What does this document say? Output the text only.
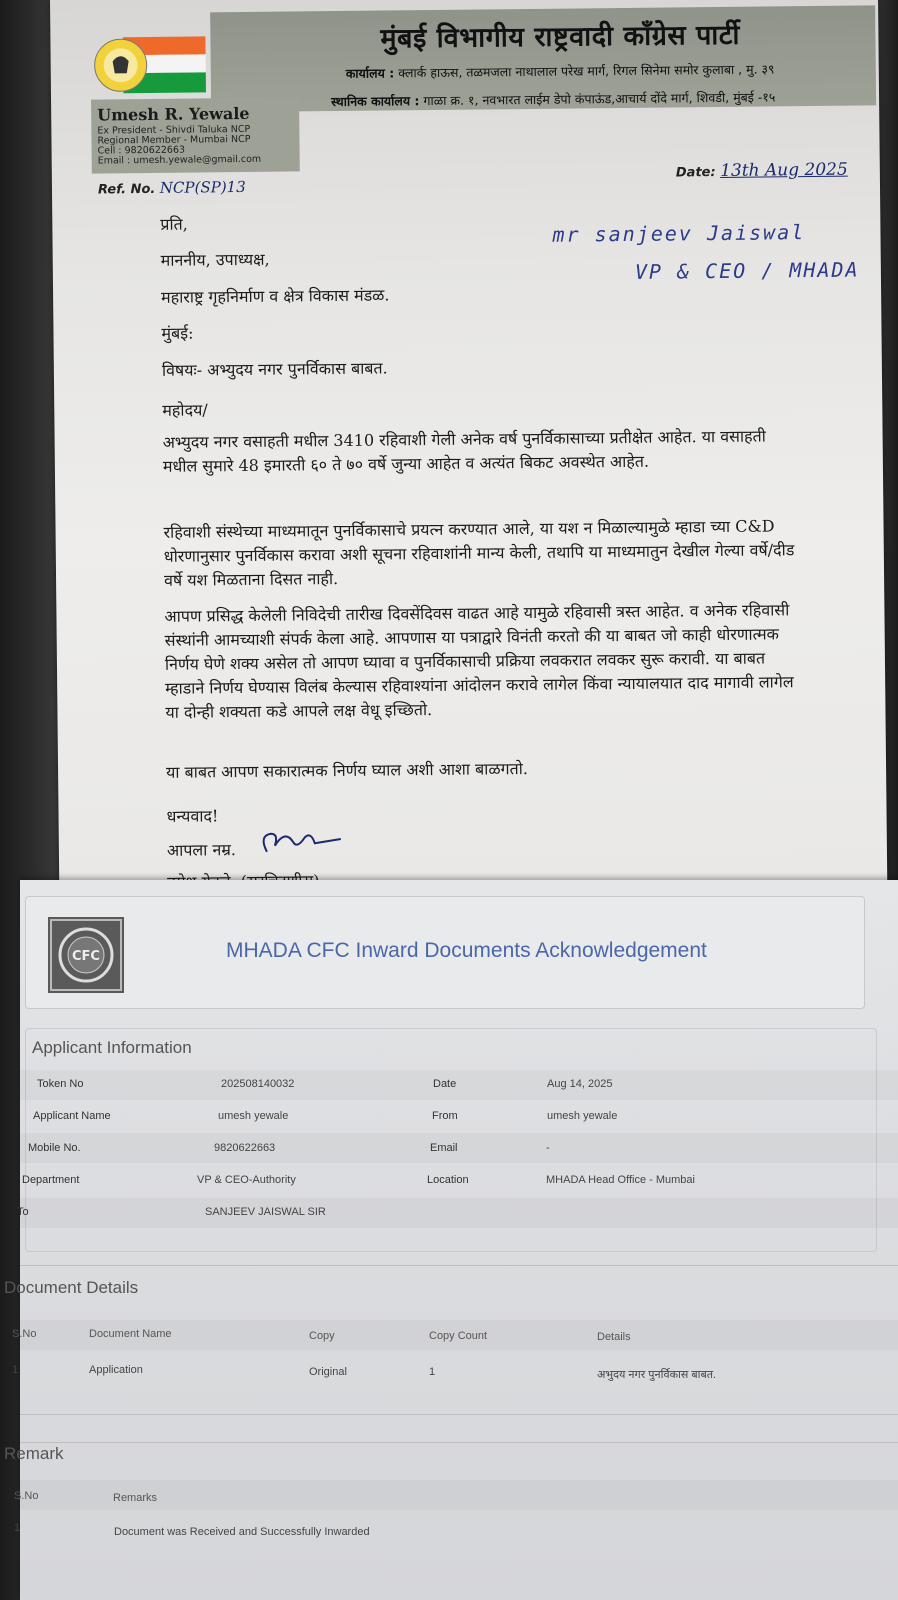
मुंबई विभागीय राष्ट्रवादी कॉंग्रेस पार्टी
कार्यालय : क्लार्क हाऊस, तळमजला नाथालाल परेख मार्ग, रिगल सिनेमा समोर कुलाबा , मु. ३९
स्थानिक कार्यालय : गाळा क्र. १, नवभारत लाईम डेपो कंपाऊंड,आचार्य दोंदे मार्ग, शिवडी, मुंबई -१५
Umesh R. Yewale
Ex President - Shivdi Taluka NCP
Regional Member - Mumbai NCP
Cell : 9820622663
Email : umesh.yewale@gmail.com
Ref. No. NCP(SP)13
Date: 13th Aug 2025
प्रति,
माननीय, उपाध्यक्ष,
महाराष्ट्र गृहनिर्माण व क्षेत्र विकास मंडळ.
मुंबई:
mr sanjeev Jaiswal
VP & CEO / MHADA
विषयः- अभ्युदय नगर पुनर्विकास बाबत.
महोदय/
अभ्युदय नगर वसाहती मधील 3410 रहिवाशी गेली अनेक वर्ष पुनर्विकासाच्या प्रतीक्षेत आहेत. या वसाहती मधील सुमारे 48 इमारती ६० ते ७० वर्षे जुन्या आहेत व अत्यंत बिकट अवस्थेत आहेत.
रहिवाशी संस्थेच्या माध्यमातून पुनर्विकासाचे प्रयत्न करण्यात आले, या यश न मिळाल्यामुळे म्हाडा च्या C&D धोरणानुसार पुनर्विकास करावा अशी सूचना रहिवाशांनी मान्य केली, तथापि या माध्यमातुन देखील गेल्या वर्षे/दीड वर्षे यश मिळताना दिसत नाही.
आपण प्रसिद्ध केलेली निविदेची तारीख दिवसेंदिवस वाढत आहे यामुळे रहिवासी त्रस्त आहेत. व अनेक रहिवासी संस्थांनी आमच्याशी संपर्क केला आहे. आपणास या पत्राद्वारे विनंती करतो की या बाबत जो काही धोरणात्मक निर्णय घेणे शक्य असेल तो आपण घ्यावा व पुनर्विकासाची प्रक्रिया लवकरात लवकर सुरू करावी. या बाबत म्हाडाने निर्णय घेण्यास विलंब केल्यास रहिवाश्यांना आंदोलन करावे लागेल किंवा न्यायालयात दाद मागावी लागेल या दोन्ही शक्यता कडे आपले लक्ष वेधू इच्छितो.
या बाबत आपण सकारात्मक निर्णय घ्याल अशी आशा बाळगतो.
धन्यवाद!
आपला नम्र.
CFC	MHADA CFC Inward Documents Acknowledgement
Applicant Information
Token No	202508140032	Date	Aug 14, 2025
Applicant Name	umesh yewale	From	umesh yewale
Mobile No.	9820622663	Email	-
Department	VP & CEO-Authority	Location	MHADA Head Office - Mumbai
To	SANJEEV JAISWAL SIR
Document Details
S.No	Document Name	Copy	Copy Count	Details
1	Application	Original	1	अभुदय नगर पुनर्विकास बाबत.
Remark
S.No	Remarks
1	Document was Received and Successfully Inwarded
